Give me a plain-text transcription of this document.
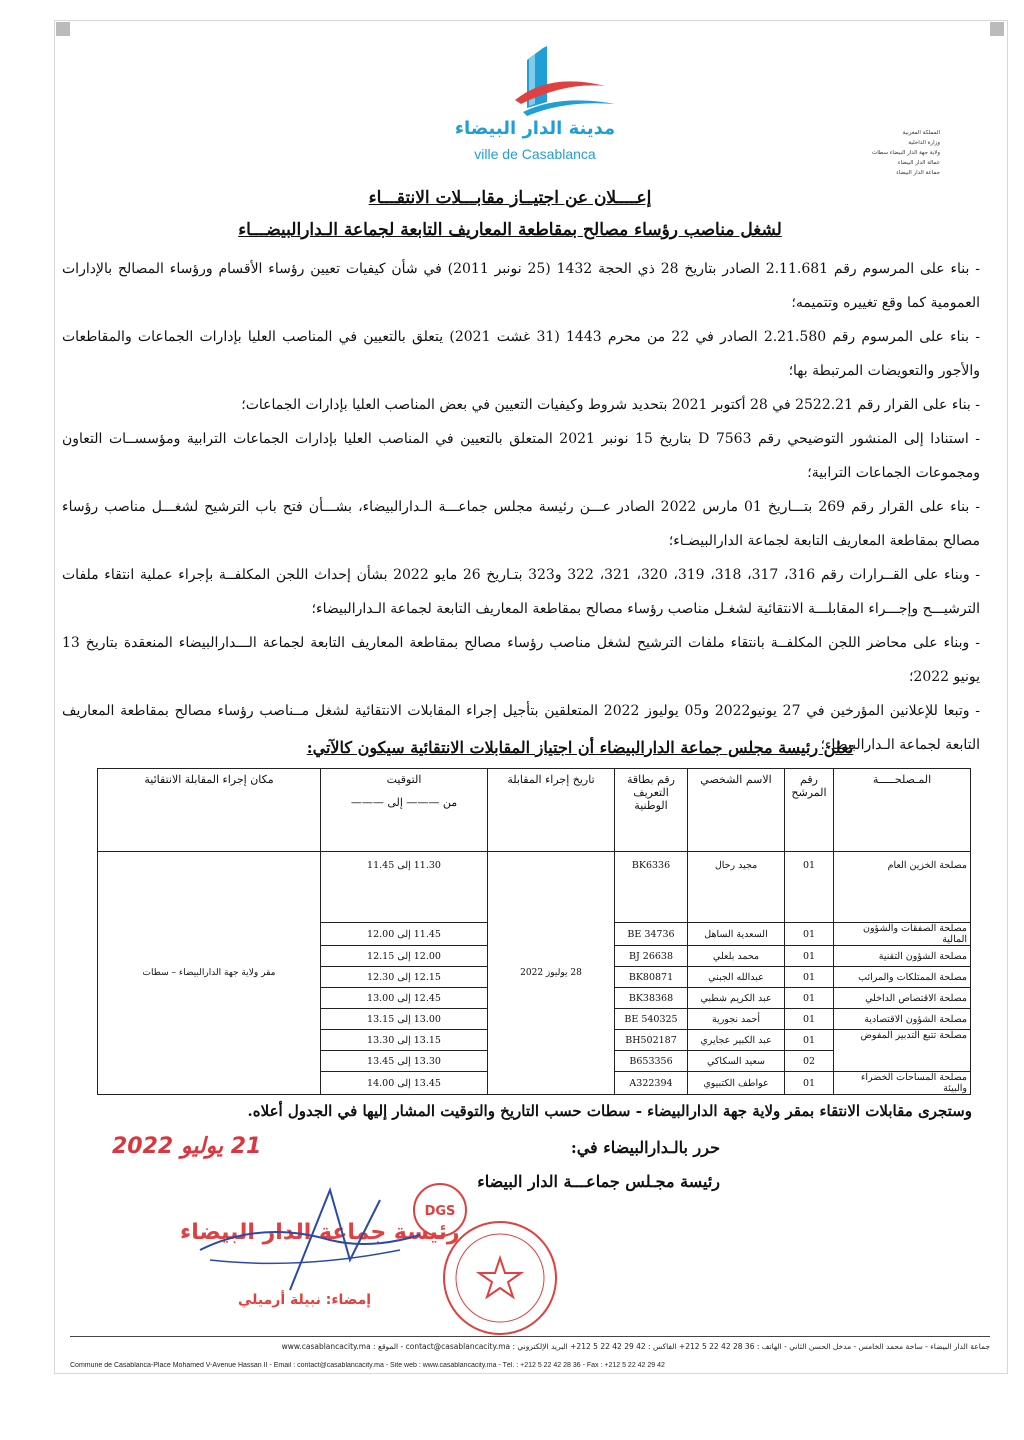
مدينة الدار البيضاء
ville de Casablanca
المملكة المغربية
وزارة الداخلية
ولاية جهة الدار البيضاء سطات
عمالة الدار البيضاء
جماعة الدار البيضاء
إعــــلان عن اجتيــاز مقابـــلات الانتقـــاء
لشغل مناصب رؤساء مصالح بمقاطعة المعاريف التابعة لجماعة الـدارالبيضـــاء

- بناء على المرسوم رقم 2.11.681 الصادر بتاريخ 28 ذي الحجة 1432 (25 نونبر 2011) في شأن كيفيات تعيين رؤساء الأقسام ورؤساء المصالح بالإدارات العمومية كما وقع تغييره وتتميمه؛

- بناء على المرسوم رقم 2.21.580 الصادر في 22 من محرم 1443 (31 غشت 2021) يتعلق بالتعيين في المناصب العليا بإدارات الجماعات والمقاطعات والأجور والتعويضات المرتبطة بها؛

- بناء على القرار رقم 2522.21 في 28 أكتوبر 2021 بتحديد شروط وكيفيات التعيين في بعض المناصب العليا بإدارات الجماعات؛

- استنادا إلى المنشور التوضيحي رقم D 7563 بتاريخ 15 نونبر 2021 المتعلق بالتعيين في المناصب العليا بإدارات الجماعات الترابية ومؤسســات التعاون ومجموعات الجماعات الترابية؛

- بناء على القرار رقم 269 بتـــاريخ 01 مارس 2022 الصادر عـــن رئيسة مجلس جماعـــة الـدارالبيضاء، بشـــأن فتح باب الترشيح لشغـــل مناصب رؤساء مصالح بمقاطعة المعاريف التابعة لجماعة الدارالبيضـاء؛

- وبناء على القــرارات رقم 316، 317، 318، 319، 320، 321، 322 و323 بتـاريخ 26 مايو 2022 بشأن إحداث اللجن المكلفــة بإجراء عملية انتقاء ملفات الترشيـــح وإجـــراء المقابلـــة الانتقائية لشغـل مناصب رؤساء مصالح بمقاطعة المعاريف التابعة لجماعة الـدارالبيضاء؛

- وبناء على محاضر اللجن المكلفــة بانتقاء ملفات الترشيح لشغل مناصب رؤساء مصالح بمقاطعة المعاريف التابعة لجماعة الـــدارالبيضاء المنعقدة بتاريخ 13 يونيو 2022؛

- وتبعا للإعلانين المؤرخين في 27 يونيو2022 و05 يوليوز 2022 المتعلقين بتأجيل إجراء المقابلات الانتقائية لشغل مــناصب رؤساء مصالح بمقاطعة المعاريف التابعة لجماعة الـدارالبيضاء؛

تعلن رئيسة مجلس جماعة الدارالبيضاء أن اجتياز المقابلات الانتقائية سيكون كالآتي:
المـصلحـــــة	رقم المرشح	الاسم الشخصي	رقم بطاقة التعريف الوطنية	تاريخ إجراء المقابلة	التوقيت
من ——— إلى ———	مكان إجراء المقابلة الانتقائية
مصلحة الخزين العام	01	مجيد رحال	BK6336	28 يوليوز 2022	11.30 إلى 11.45	مقر ولاية جهة الدارالبيضاء – سطات
مصلحة الصفقات والشؤون المالية	01	السعدية الساهل	BE 34736		11.45 إلى 12.00	
مصلحة الشؤون التقنية	01	محمد بلعلي	BJ 26638		12.00 إلى 12.15	
مصلحة الممتلكات والمرائب	01	عبدالله الجبني	BK80871		12.15 إلى 12.30	
مصلحة الاقتصاص الداخلي	01	عبد الكريم شطبي	BK38368		12.45 إلى 13.00	
مصلحة الشؤون الاقتصادية	01	أحمد نجورية	BE 540325		13.00 إلى 13.15	
مصلحة تتبع التدبير المفوض	01	عبد الكبير عجايري	BH502187		13.15 إلى 13.30	
	02	سعيد السكاكي	B653356		13.30 إلى 13.45	
مصلحة المساحات الخضراء والبيئة	01	عواطف الكتبيوي	A322394		13.45 إلى 14.00	
وستجرى مقابلات الانتقاء بمقر ولاية جهة الدارالبيضاء - سطات حسب التاريخ والتوقيت المشار إليها في الجدول أعلاه.
حرر بالـدارالبيضاء في:
21 يوليو 2022
رئيسة مجـلس جماعـــة الدار البيضاء
DGS
رئيسة جماعة الدار البيضاء
إمضاء: نبيلة أرميلي
جماعة الدار البيضاء - ساحة محمد الخامس - مدخل الحسن الثاني - الهاتف : 36 28 42 22 5 212+ الفاكس : 42 29 42 22 5 212+ البريد الإلكتروني : contact@casablancacity.ma - الموقع : www.casablancacity.ma
Commune de Casablanca-Place Mohamed V-Avenue Hassan II - Email : contact@casablancacity.ma - Site web : www.casablancacity.ma - Tél. : +212 5 22 42 28 36 - Fax : +212 5 22 42 29 42
